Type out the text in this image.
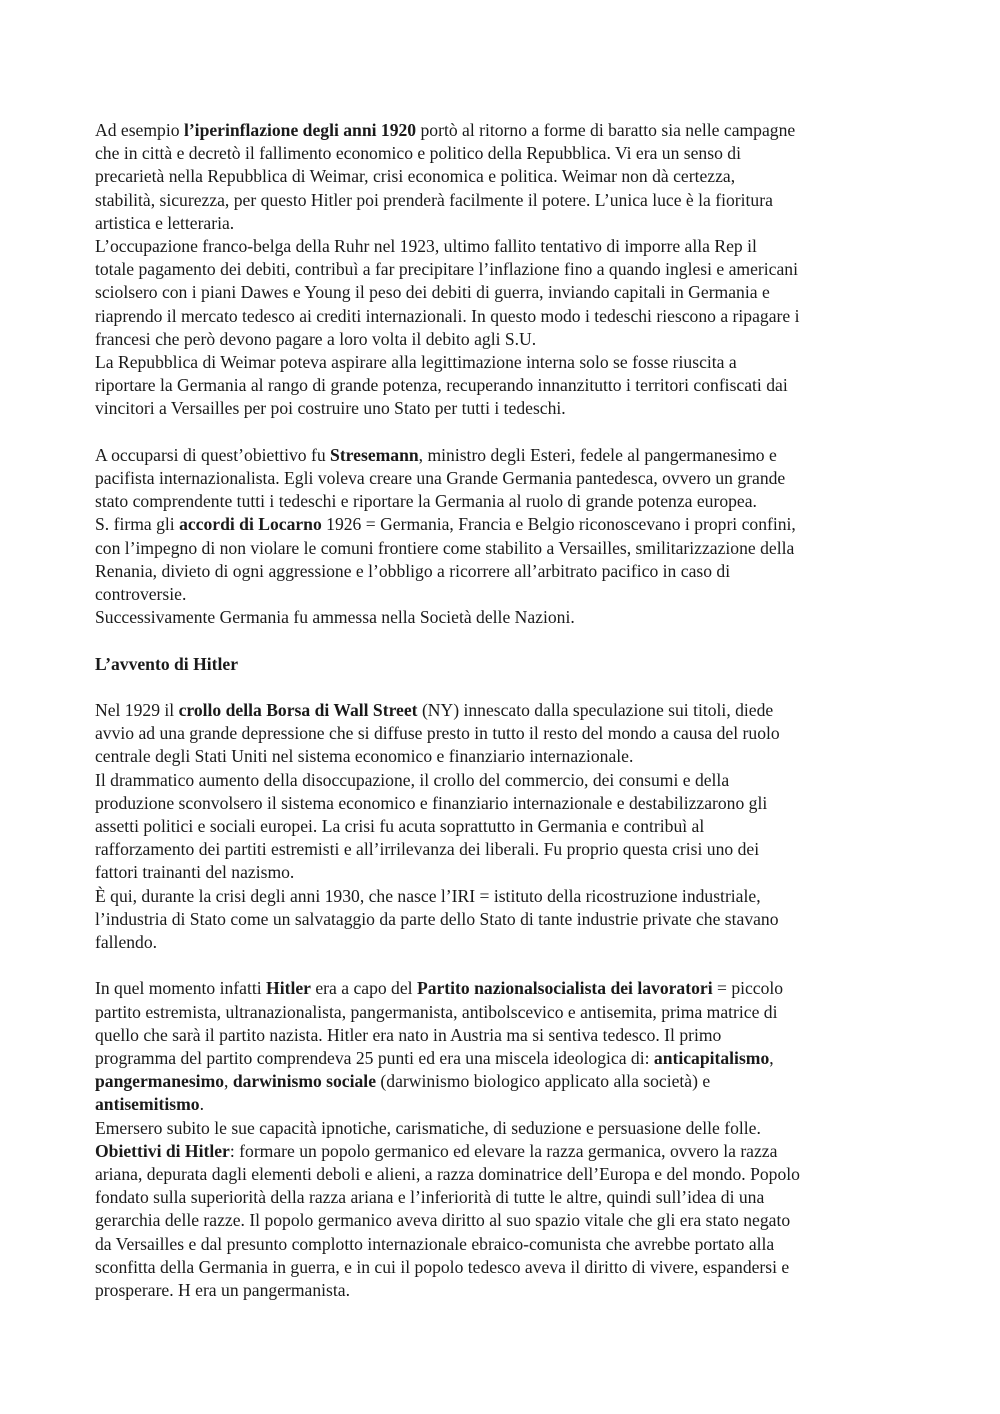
Ad esempio l’iperinflazione degli anni 1920 portò al ritorno a forme di baratto sia nelle campagne
che in città e decretò il fallimento economico e politico della Repubblica. Vi era un senso di
precarietà nella Repubblica di Weimar, crisi economica e politica. Weimar non dà certezza,
stabilità, sicurezza, per questo Hitler poi prenderà facilmente il potere. L’unica luce è la fioritura
artistica e letteraria.
L’occupazione franco-belga della Ruhr nel 1923, ultimo fallito tentativo di imporre alla Rep il
totale pagamento dei debiti, contribuì a far precipitare l’inflazione fino a quando inglesi e americani
sciolsero con i piani Dawes e Young il peso dei debiti di guerra, inviando capitali in Germania e
riaprendo il mercato tedesco ai crediti internazionali. In questo modo i tedeschi riescono a ripagare i
francesi che però devono pagare a loro volta il debito agli S.U.
La Repubblica di Weimar poteva aspirare alla legittimazione interna solo se fosse riuscita a
riportare la Germania al rango di grande potenza, recuperando innanzitutto i territori confiscati dai
vincitori a Versailles per poi costruire uno Stato per tutti i tedeschi.
A occuparsi di quest’obiettivo fu Stresemann, ministro degli Esteri, fedele al pangermanesimo e
pacifista internazionalista. Egli voleva creare una Grande Germania pantedesca, ovvero un grande
stato comprendente tutti i tedeschi e riportare la Germania al ruolo di grande potenza europea.
S. firma gli accordi di Locarno 1926 = Germania, Francia e Belgio riconoscevano i propri confini,
con l’impegno di non violare le comuni frontiere come stabilito a Versailles, smilitarizzazione della
Renania, divieto di ogni aggressione e l’obbligo a ricorrere all’arbitrato pacifico in caso di
controversie.
Successivamente Germania fu ammessa nella Società delle Nazioni.
L’avvento di Hitler
Nel 1929 il crollo della Borsa di Wall Street (NY) innescato dalla speculazione sui titoli, diede
avvio ad una grande depressione che si diffuse presto in tutto il resto del mondo a causa del ruolo
centrale degli Stati Uniti nel sistema economico e finanziario internazionale.
Il drammatico aumento della disoccupazione, il crollo del commercio, dei consumi e della
produzione sconvolsero il sistema economico e finanziario internazionale e destabilizzarono gli
assetti politici e sociali europei. La crisi fu acuta soprattutto in Germania e contribuì al
rafforzamento dei partiti estremisti e all’irrilevanza dei liberali. Fu proprio questa crisi uno dei
fattori trainanti del nazismo.
È qui, durante la crisi degli anni 1930, che nasce l’IRI = istituto della ricostruzione industriale,
l’industria di Stato come un salvataggio da parte dello Stato di tante industrie private che stavano
fallendo.
In quel momento infatti Hitler era a capo del Partito nazionalsocialista dei lavoratori = piccolo
partito estremista, ultranazionalista, pangermanista, antibolscevico e antisemita, prima matrice di
quello che sarà il partito nazista. Hitler era nato in Austria ma si sentiva tedesco. Il primo
programma del partito comprendeva 25 punti ed era una miscela ideologica di: anticapitalismo,
pangermanesimo, darwinismo sociale (darwinismo biologico applicato alla società) e
antisemitismo.
Emersero subito le sue capacità ipnotiche, carismatiche, di seduzione e persuasione delle folle.
Obiettivi di Hitler: formare un popolo germanico ed elevare la razza germanica, ovvero la razza
ariana, depurata dagli elementi deboli e alieni, a razza dominatrice dell’Europa e del mondo. Popolo
fondato sulla superiorità della razza ariana e l’inferiorità di tutte le altre, quindi sull’idea di una
gerarchia delle razze. Il popolo germanico aveva diritto al suo spazio vitale che gli era stato negato
da Versailles e dal presunto complotto internazionale ebraico-comunista che avrebbe portato alla
sconfitta della Germania in guerra, e in cui il popolo tedesco aveva il diritto di vivere, espandersi e
prosperare. H era un pangermanista.
